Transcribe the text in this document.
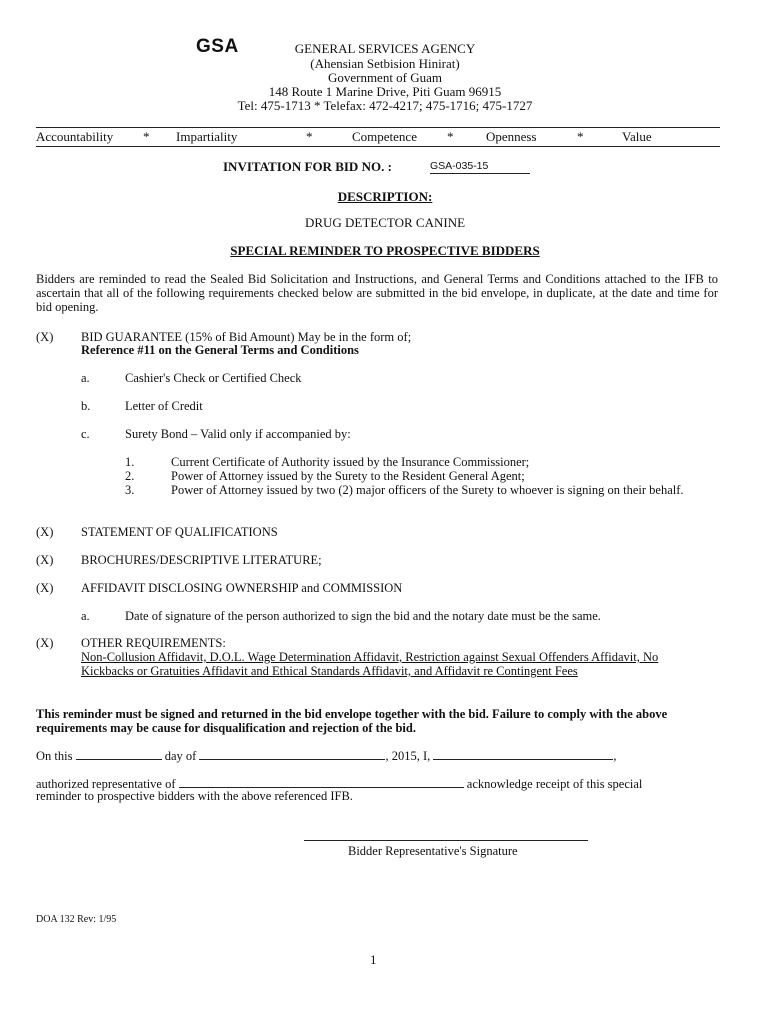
GSA	GENERAL SERVICES AGENCY
(Ahensian Setbision Hinirat)
Government of Guam
148 Route 1 Marine Drive, Piti Guam 96915
Tel: 475-1713 * Telefax: 472-4217; 475-1716; 475-1727
Accountability * Impartiality	*	Competence *	Openness	*	Value
INVITATION FOR BID NO. :	GSA-035-15
DESCRIPTION:
DRUG DETECTOR CANINE
SPECIAL REMINDER TO PROSPECTIVE BIDDERS
Bidders are reminded to read the Sealed Bid Solicitation and Instructions, and General Terms and Conditions attached to the IFB to ascertain that all of the following requirements checked below are submitted in the bid envelope, in duplicate, at the date and time for bid opening.
(X) BID GUARANTEE (15% of Bid Amount) May be in the form of;
Reference #11 on the General Terms and Conditions
a.	Cashier's Check or Certified Check
b.	Letter of Credit
c.	Surety Bond – Valid only if accompanied by:
1.	Current Certificate of Authority issued by the Insurance Commissioner;
2.	Power of Attorney issued by the Surety to the Resident General Agent;
3.	Power of Attorney issued by two (2) major officers of the Surety to whoever is signing on their behalf.
(X) STATEMENT OF QUALIFICATIONS
(X) BROCHURES/DESCRIPTIVE LITERATURE;
(X) AFFIDAVIT DISCLOSING OWNERSHIP and COMMISSION
a.	Date of signature of the person authorized to sign the bid and the notary date must be the same.
(X) OTHER REQUIREMENTS:
Non-Collusion Affidavit, D.O.L. Wage Determination Affidavit, Restriction against Sexual Offenders Affidavit, No Kickbacks or Gratuities Affidavit and Ethical Standards Affidavit, and Affidavit re Contingent Fees
This reminder must be signed and returned in the bid envelope together with the bid. Failure to comply with the above requirements may be cause for disqualification and rejection of the bid.
On this	day of	, 2015, I,	,
authorized representative of	acknowledge receipt of this special
reminder to prospective bidders with the above referenced IFB.
Bidder Representative's Signature
DOA 132 Rev: 1/95
1
